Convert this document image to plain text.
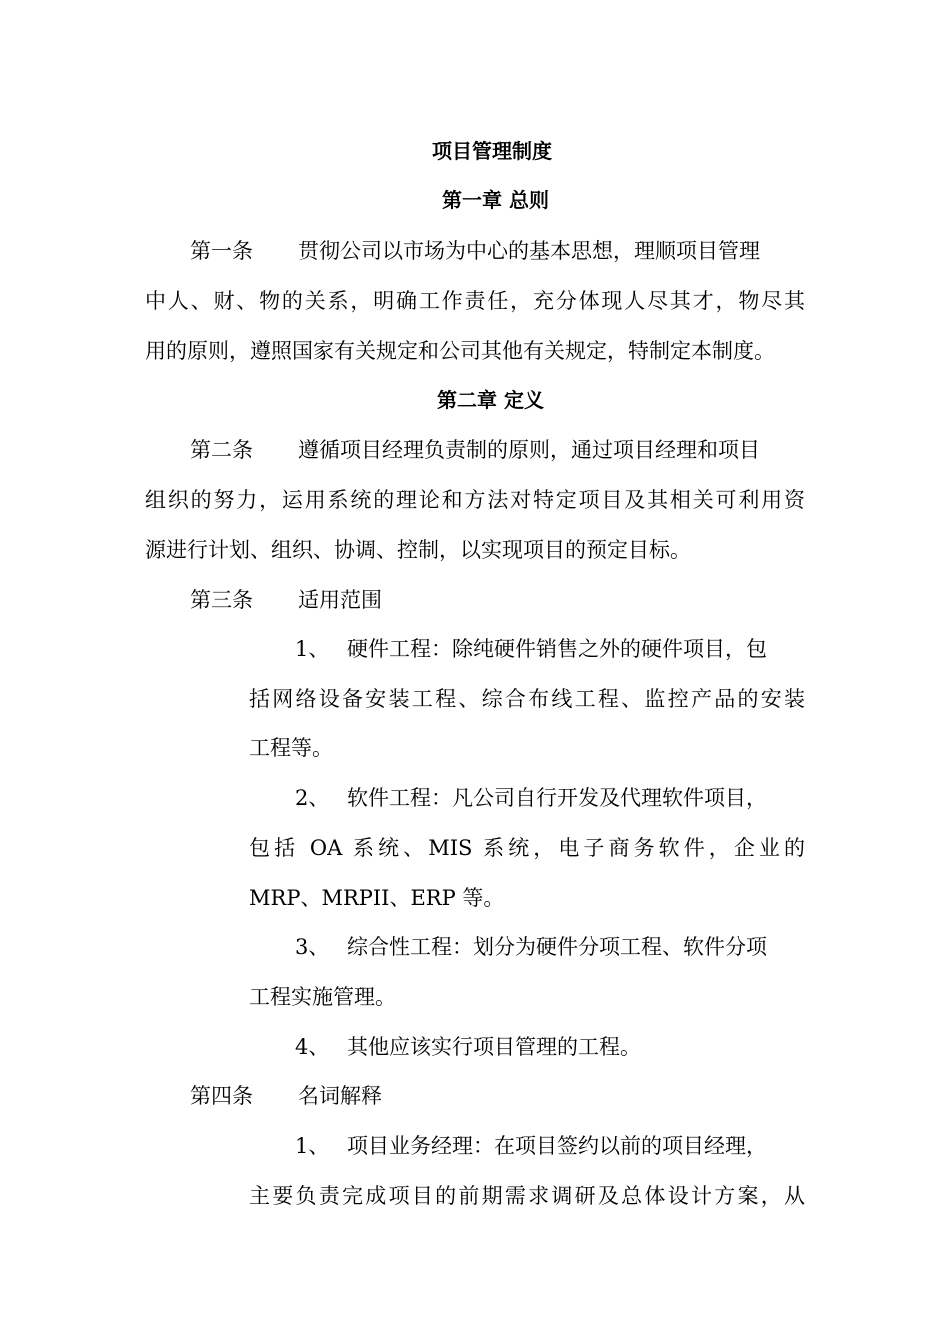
项目管理制度
第一章 总则
第一条 贯彻公司以市场为中心的基本思想，理顺项目管理
中人、财、物的关系，明确工作责任，充分体现人尽其才，物尽其
用的原则，遵照国家有关规定和公司其他有关规定，特制定本制度。
第二章 定义
第二条 遵循项目经理负责制的原则，通过项目经理和项目
组织的努力，运用系统的理论和方法对特定项目及其相关可利用资
源进行计划、组织、协调、控制，以实现项目的预定目标。
第三条 适用范围
1、 硬件工程：除纯硬件销售之外的硬件项目，包
括网络设备安装工程、综合布线工程、监控产品的安装
工程等。
2、 软件工程：凡公司自行开发及代理软件项目，
包括 OA 系统、MIS 系统，电子商务软件，企业的
MRP、MRPII、ERP 等。
3、 综合性工程：划分为硬件分项工程、软件分项
工程实施管理。
4、 其他应该实行项目管理的工程。
第四条 名词解释
1、 项目业务经理：在项目签约以前的项目经理，
主要负责完成项目的前期需求调研及总体设计方案，从
